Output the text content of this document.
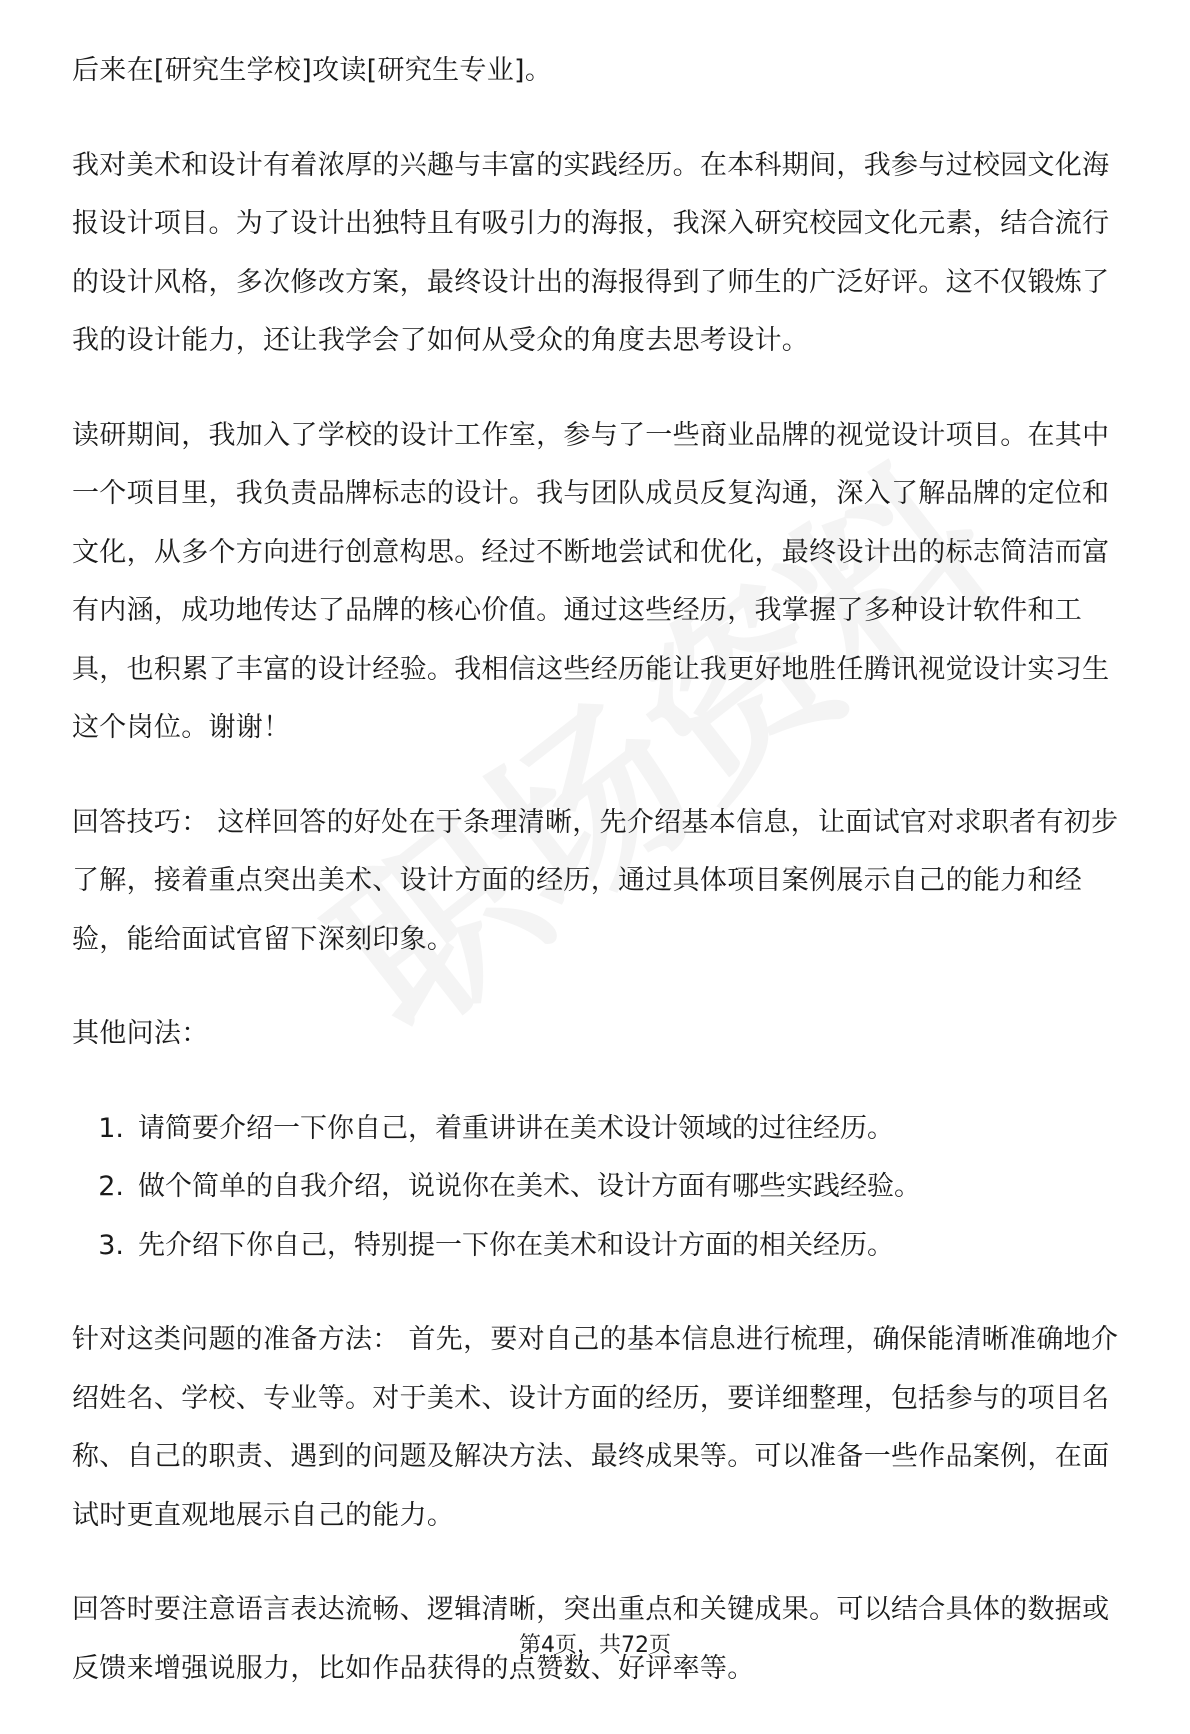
后来在[研究生学校]攻读[研究生专业]。

我对美术和设计有着浓厚的兴趣与丰富的实践经历。在本科期间，我参与过校园文化海报设计项目。为了设计出独特且有吸引力的海报，我深入研究校园文化元素，结合流行的设计风格，多次修改方案，最终设计出的海报得到了师生的广泛好评。这不仅锻炼了我的设计能力，还让我学会了如何从受众的角度去思考设计。

读研期间，我加入了学校的设计工作室，参与了一些商业品牌的视觉设计项目。在其中一个项目里，我负责品牌标志的设计。我与团队成员反复沟通，深入了解品牌的定位和文化，从多个方向进行创意构思。经过不断地尝试和优化，最终设计出的标志简洁而富有内涵，成功地传达了品牌的核心价值。通过这些经历，我掌握了多种设计软件和工具，也积累了丰富的设计经验。我相信这些经历能让我更好地胜任腾讯视觉设计实习生这个岗位。谢谢！

回答技巧： 这样回答的好处在于条理清晰，先介绍基本信息，让面试官对求职者有初步了解，接着重点突出美术、设计方面的经历，通过具体项目案例展示自己的能力和经验，能给面试官留下深刻印象。

其他问法：

1. 请简要介绍一下你自己，着重讲讲在美术设计领域的过往经历。
2. 做个简单的自我介绍，说说你在美术、设计方面有哪些实践经验。
3. 先介绍下你自己，特别提一下你在美术和设计方面的相关经历。

针对这类问题的准备方法： 首先，要对自己的基本信息进行梳理，确保能清晰准确地介绍姓名、学校、专业等。对于美术、设计方面的经历，要详细整理，包括参与的项目名称、自己的职责、遇到的问题及解决方法、最终成果等。可以准备一些作品案例，在面试时更直观地展示自己的能力。

回答时要注意语言表达流畅、逻辑清晰，突出重点和关键成果。可以结合具体的数据或反馈来增强说服力，比如作品获得的点赞数、好评率等。

第4页，共72页
